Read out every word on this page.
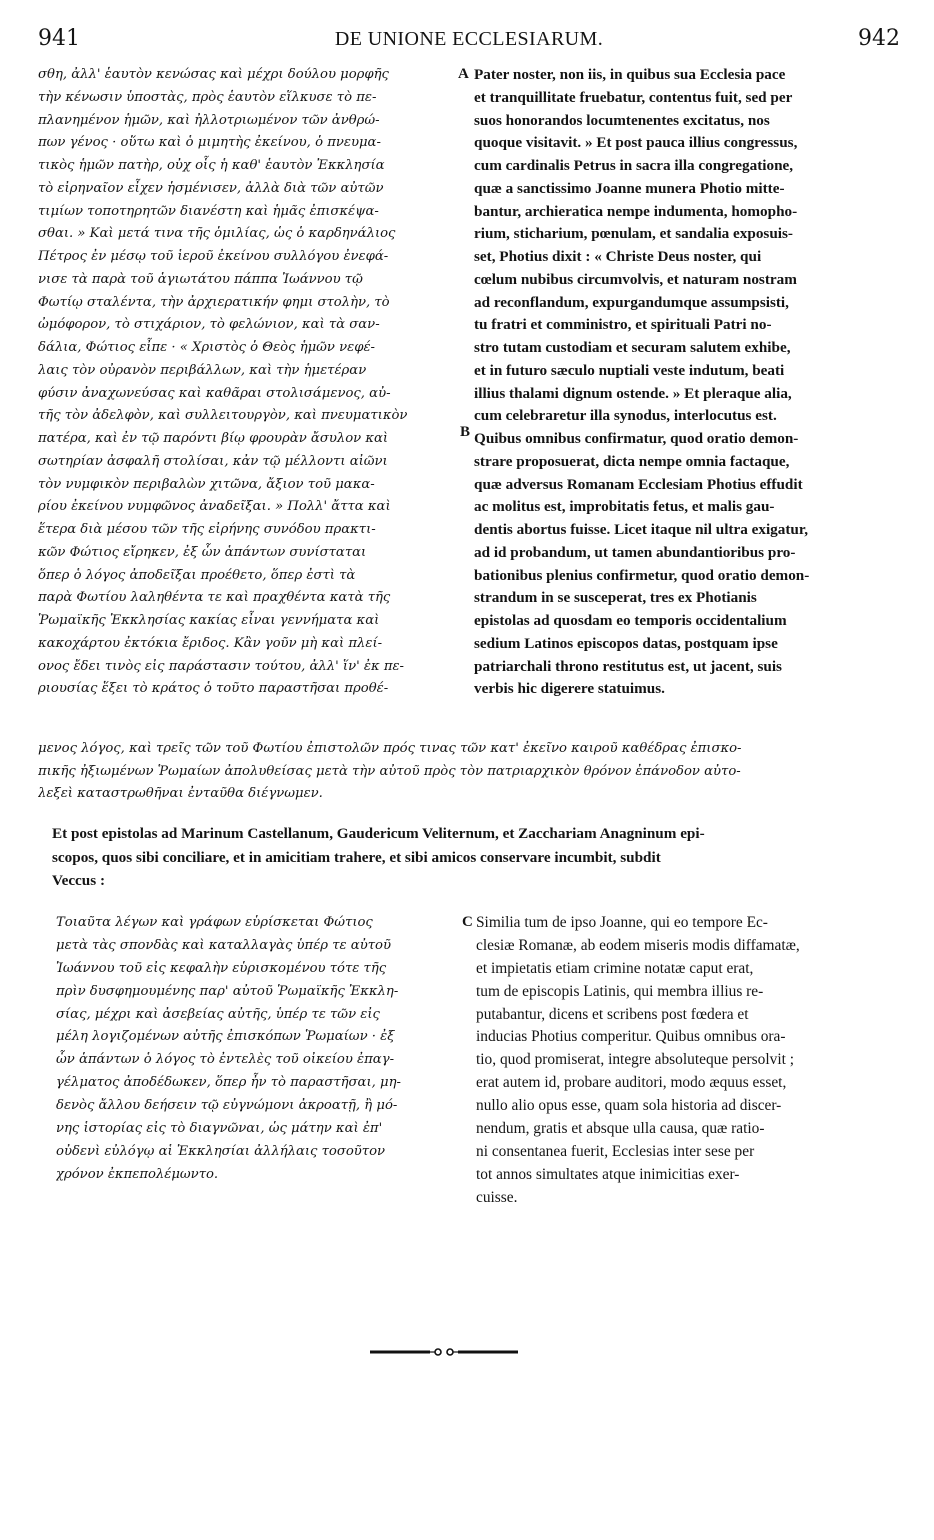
941	DE UNIONE ECCLESIARUM.	942
σθη, ἀλλ' ἑαυτὸν κενώσας καὶ μέχρι δούλου μορφῆς
τὴν κένωσιν ὑποστὰς, πρὸς ἑαυτὸν εἵλκυσε τὸ πε-
πλανημένον ἡμῶν, καὶ ἠλλοτριωμένον τῶν ἀνθρώ-
πων γένος · οὕτω καὶ ὁ μιμητὴς ἐκείνου, ὁ πνευμα-
τικὸς ἡμῶν πατὴρ, οὐχ οἷς ἡ καθ' ἑαυτὸν Ἐκκλησία
τὸ εἰρηναῖον εἶχεν ἡσμένισεν, ἀλλὰ διὰ τῶν αὐτῶν
τιμίων τοποτηρητῶν διανέστη καὶ ἡμᾶς ἐπισκέψα-
σθαι. » Καὶ μετά τινα τῆς ὁμιλίας, ὡς ὁ καρδηνάλιος
Πέτρος ἐν μέσῳ τοῦ ἱεροῦ ἐκείνου συλλόγου ἐνεφά-
νισε τὰ παρὰ τοῦ ἁγιωτάτου πάππα Ἰωάννου τῷ
Φωτίῳ σταλέντα, τὴν ἀρχιερατικήν φημι στολὴν, τὸ
ὠμόφορον, τὸ στιχάριον, τὸ φελώνιον, καὶ τὰ σαν-
δάλια, Φώτιος εἶπε · « Χριστὸς ὁ Θεὸς ἡμῶν νεφέ-
λαις τὸν οὐρανὸν περιβάλλων, καὶ τὴν ἡμετέραν
φύσιν ἀναχωνεύσας καὶ καθᾶραι στολισάμενος, αὐ-
τῆς τὸν ἀδελφὸν, καὶ συλλειτουργὸν, καὶ πνευματικὸν
πατέρα, καὶ ἐν τῷ παρόντι βίῳ φρουρὰν ἄσυλον καὶ
σωτηρίαν ἀσφαλῆ στολίσαι, κἀν τῷ μέλλοντι αἰῶνι
τὸν νυμφικὸν περιβαλὼν χιτῶνα, ἄξιον τοῦ μακα-
ρίου ἐκείνου νυμφῶνος ἀναδεῖξαι. » Πολλ' ἄττα καὶ
ἕτερα διὰ μέσου τῶν τῆς εἰρήνης συνόδου πρακτι-
κῶν Φώτιος εἴρηκεν, ἐξ ὧν ἁπάντων συνίσταται
ὅπερ ὁ λόγος ἀποδεῖξαι προέθετο, ὅπερ ἐστὶ τὰ
παρὰ Φωτίου λαληθέντα τε καὶ πραχθέντα κατὰ τῆς
Ῥωμαϊκῆς Ἐκκλησίας κακίας εἶναι γεννήματα καὶ
κακοχάρτου ἐκτόκια ἔριδος. Κἂν γοῦν μὴ καὶ πλεί-
ονος ἔδει τινὸς εἰς παράστασιν τούτου, ἀλλ' ἵν' ἐκ πε-
ριουσίας ἕξει τὸ κράτος ὁ τοῦτο παραστῆσαι προθέ-
Pater noster, non iis, in quibus sua Ecclesia pace
et tranquillitate fruebatur, contentus fuit, sed per
suos honorandos locumtenentes excitatus, nos
quoque visitavit. » Et post pauca illius congressus,
cum cardinalis Petrus in sacra illa congregatione,
quæ a sanctissimo Joanne munera Photio mitte-
bantur, archieratica nempe indumenta, homopho-
rium, sticharium, pœnulam, et sandalia exposuis-
set, Photius dixit : « Christe Deus noster, qui
cœlum nubibus circumvolvis, et naturam nostram
ad reconflandum, expurgandumque assumpsisti,
tu fratri et comministro, et spirituali Patri no-
stro tutam custodiam et securam salutem exhibe,
et in futuro sæculo nuptiali veste indutum, beati
illius thalami dignum ostende. » Et pleraque alia,
cum celebraretur illa synodus, interlocutus est.
Quibus omnibus confirmatur, quod oratio demon-
strare proposuerat, dicta nempe omnia factaque,
quæ adversus Romanam Ecclesiam Photius effudit
ac molitus est, improbitatis fetus, et malis gau-
dentis abortus fuisse. Licet itaque nil ultra exigatur,
ad id probandum, ut tamen abundantioribus pro-
bationibus plenius confirmetur, quod oratio demon-
strandum in se susceperat, tres ex Photianis
epistolas ad quosdam eo temporis occidentalium
sedium Latinos episcopos datas, postquam ipse
patriarchali throno restitutus est, ut jacent, suis
verbis hic digerere statuimus.
A
B
μενος λόγος, καὶ τρεῖς τῶν τοῦ Φωτίου ἐπιστολῶν πρός τινας τῶν κατ' ἐκεῖνο καιροῦ καθέδρας ἐπισκο-
πικῆς ἠξιωμένων Ῥωμαίων ἀπολυθείσας μετὰ τὴν αὐτοῦ πρὸς τὸν πατριαρχικὸν θρόνον ἐπάνοδον αὐτο-
λεξεὶ καταστρωθῆναι ἐνταῦθα διέγνωμεν.
Et post epistolas ad Marinum Castellanum, Gaudericum Veliternum, et Zacchariam Anagninum epi-
scopos, quos sibi conciliare, et in amicitiam trahere, et sibi amicos conservare incumbit, subdit
Veccus :
Τοιαῦτα λέγων καὶ γράφων εὑρίσκεται Φώτιος
μετὰ τὰς σπονδὰς καὶ καταλλαγὰς ὑπέρ τε αὐτοῦ
Ἰωάννου τοῦ εἰς κεφαλὴν εὑρισκομένου τότε τῆς
πρὶν δυσφημουμένης παρ' αὐτοῦ Ῥωμαϊκῆς Ἐκκλη-
σίας, μέχρι καὶ ἀσεβείας αὐτῆς, ὑπέρ τε τῶν εἰς
μέλη λογιζομένων αὐτῆς ἐπισκόπων Ῥωμαίων · ἐξ
ὧν ἁπάντων ὁ λόγος τὸ ἐντελὲς τοῦ οἰκείου ἐπαγ-
γέλματος ἀποδέδωκεν, ὅπερ ἦν τὸ παραστῆσαι, μη-
δενὸς ἄλλου δεήσειν τῷ εὐγνώμονι ἀκροατῇ, ἢ μό-
νης ἱστορίας εἰς τὸ διαγνῶναι, ὡς μάτην καὶ ἐπ'
οὐδενὶ εὐλόγῳ αἱ Ἐκκλησίαι ἀλλήλαις τοσοῦτον
χρόνον ἐκπεπολέμωντο.
Similia tum de ipso Joanne, qui eo tempore Ec-
clesiæ Romanæ, ab eodem miseris modis diffamatæ,
et impietatis etiam crimine notatæ caput erat,
tum de episcopis Latinis, qui membra illius re-
putabantur, dicens et scribens post fœdera et
inducias Photius comperitur. Quibus omnibus ora-
tio, quod promiserat, integre absoluteque persolvit ;
erat autem id, probare auditori, modo æquus esset,
nullo alio opus esse, quam sola historia ad discer-
nendum, gratis et absque ulla causa, quæ ratio-
ni consentanea fuerit, Ecclesias inter sese per
tot annos simultates atque inimicitias exer-
cuisse.
C
